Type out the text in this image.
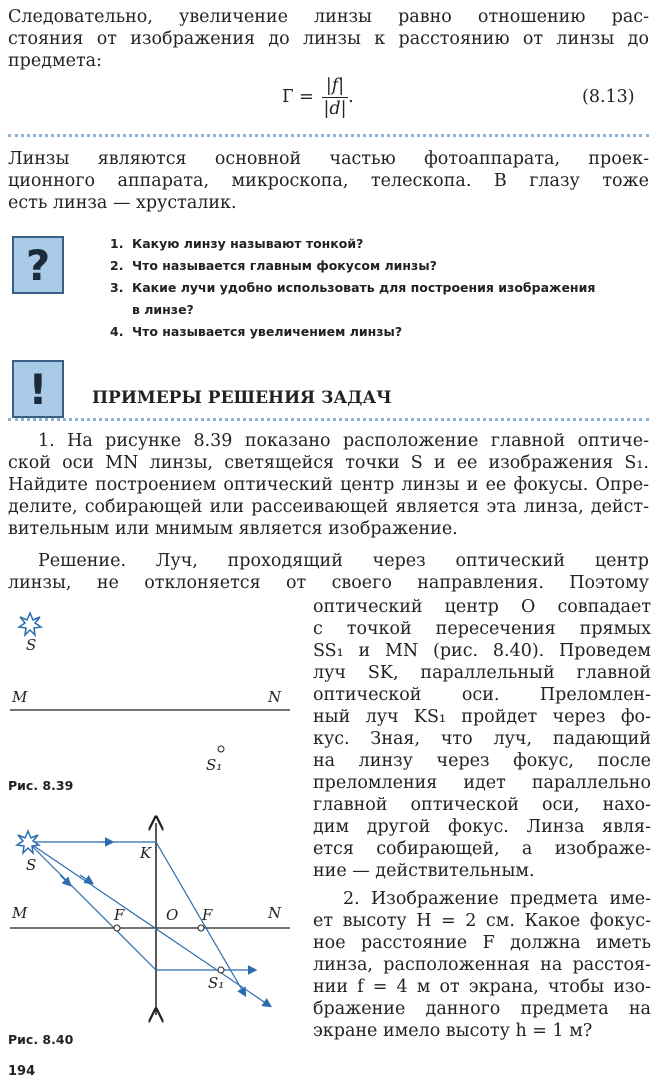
Следовательно, увеличение линзы равно отношению рас-
стояния от изображения до линзы к расстоянию от линзы до
предмета:
$Г = \frac{|f|}{|d|}$ .	(8.13)
Линзы являются основной частью фотоаппарата, проек-
ционного аппарата, микроскопа, телескопа. В глазу тоже
есть линза — хрусталик.
?	1. Какую линзу называют тонкой?
2. Что называется главным фокусом линзы?
3. Какие лучи удобно использовать для построения изображения
в линзе?
4. Что называется увеличением линзы?
!	ПРИМЕРЫ РЕШЕНИЯ ЗАДАЧ
1. На рисунке 8.39 показано расположение главной оптиче-
ской оси MN линзы, светящейся точки S и ее изображения S₁.
Найдите построением оптический центр линзы и ее фокусы. Опре-
делите, собирающей или рассеивающей является эта линза, дейст-
вительным или мнимым является изображение.
Решение. Луч, проходящий через оптический центр
линзы, не отклоняется от своего направления. Поэтому
оптический центр O совпадает
с точкой пересечения прямых
SS₁ и MN (рис. 8.40). Проведем
луч SK, параллельный главной
оптической оси. Преломлен-
ный луч KS₁ пройдет через фо-
кус. Зная, что луч, падающий
на линзу через фокус, после
преломления идет параллельно
главной оптической оси, нахо-
дим другой фокус. Линза явля-
ется собирающей, а изображе-
ние — действительным.
2. Изображение предмета име-
ет высоту H = 2 см. Какое фокус-
ное расстояние F должна иметь
линза, расположенная на расстоя-
нии f = 4 м от экрана, чтобы изо-
бражение данного предмета на
экране имело высоту h = 1 м?
S
M	N
S₁
Рис. 8.39
S
K
M	F	O F	N
S₁
Рис. 8.40
194
